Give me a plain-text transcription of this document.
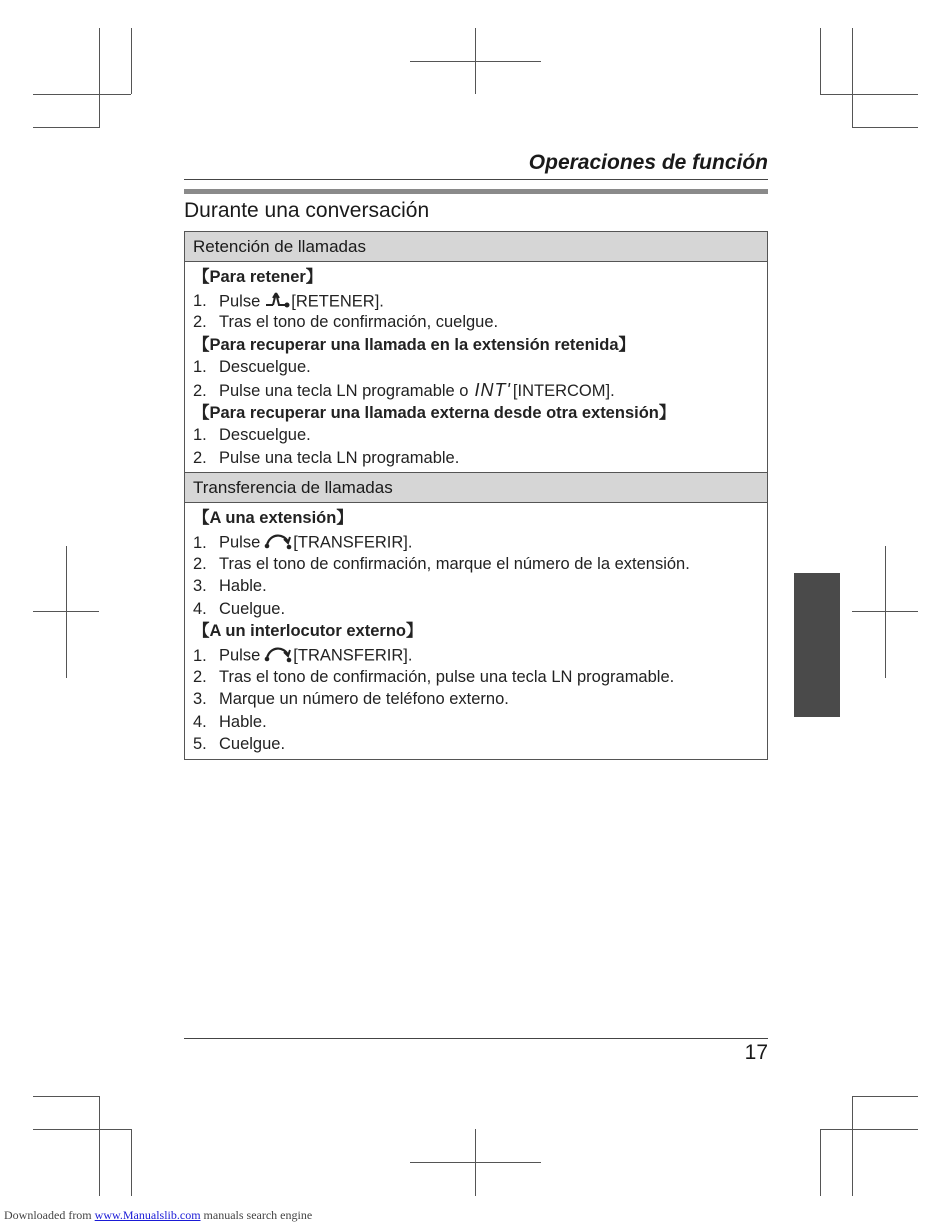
Operaciones de función
Durante una conversación
Retención de llamadas
【Para retener】
1. Pulse [RETENER].
2. Tras el tono de confirmación, cuelgue.
【Para recuperar una llamada en la extensión retenida】
1. Descuelgue.
2. Pulse una tecla LN programable o INT' [INTERCOM].
【Para recuperar una llamada externa desde otra extensión】
1. Descuelgue.
2. Pulse una tecla LN programable.
Transferencia de llamadas
【A una extensión】
1. Pulse [TRANSFERIR].
2. Tras el tono de confirmación, marque el número de la extensión.
3. Hable.
4. Cuelgue.
【A un interlocutor externo】
1. Pulse [TRANSFERIR].
2. Tras el tono de confirmación, pulse una tecla LN programable.
3. Marque un número de teléfono externo.
4. Hable.
5. Cuelgue.
17
Downloaded from www.Manualslib.com manuals search engine
